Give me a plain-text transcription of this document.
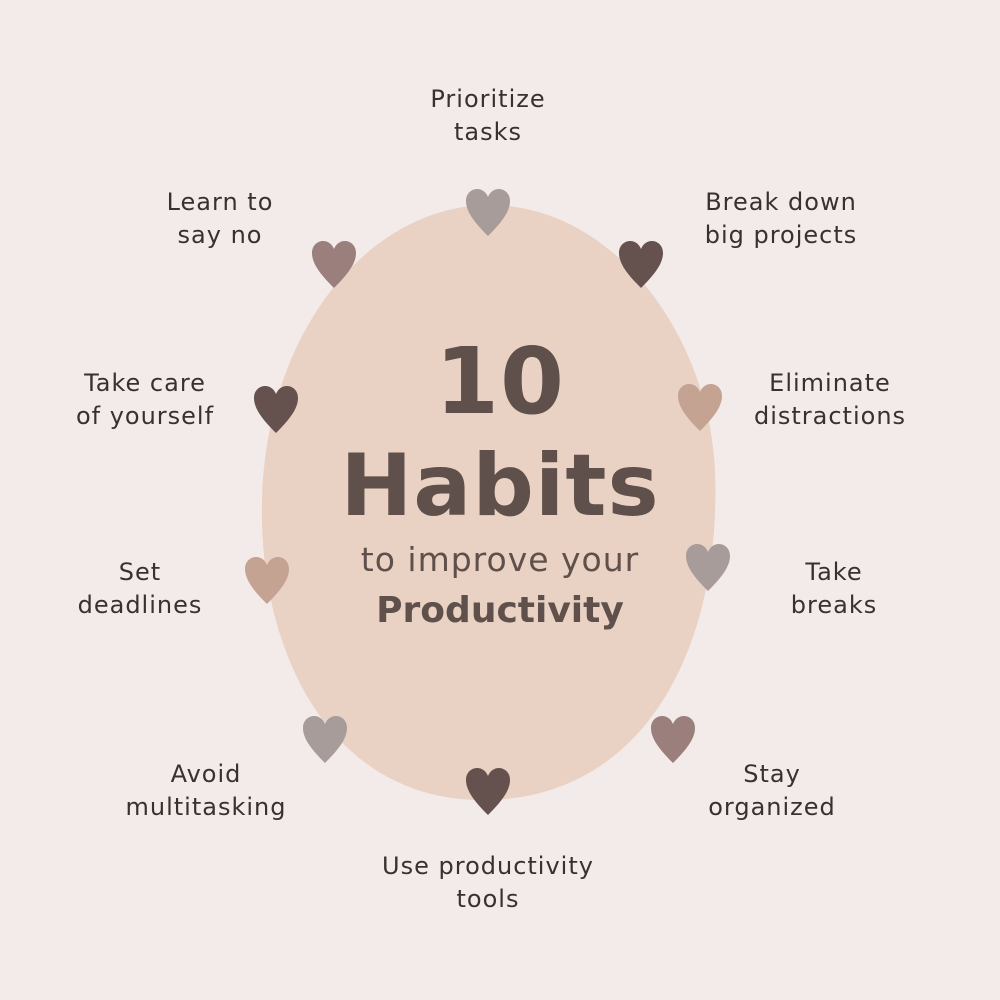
10
Habits
to improve your
Productivity
Prioritize
tasks
Break down
big projects
Eliminate
distractions
Take
breaks
Stay
organized
Use productivity
tools
Avoid
multitasking
Set
deadlines
Take care
of yourself
Learn to
say no
